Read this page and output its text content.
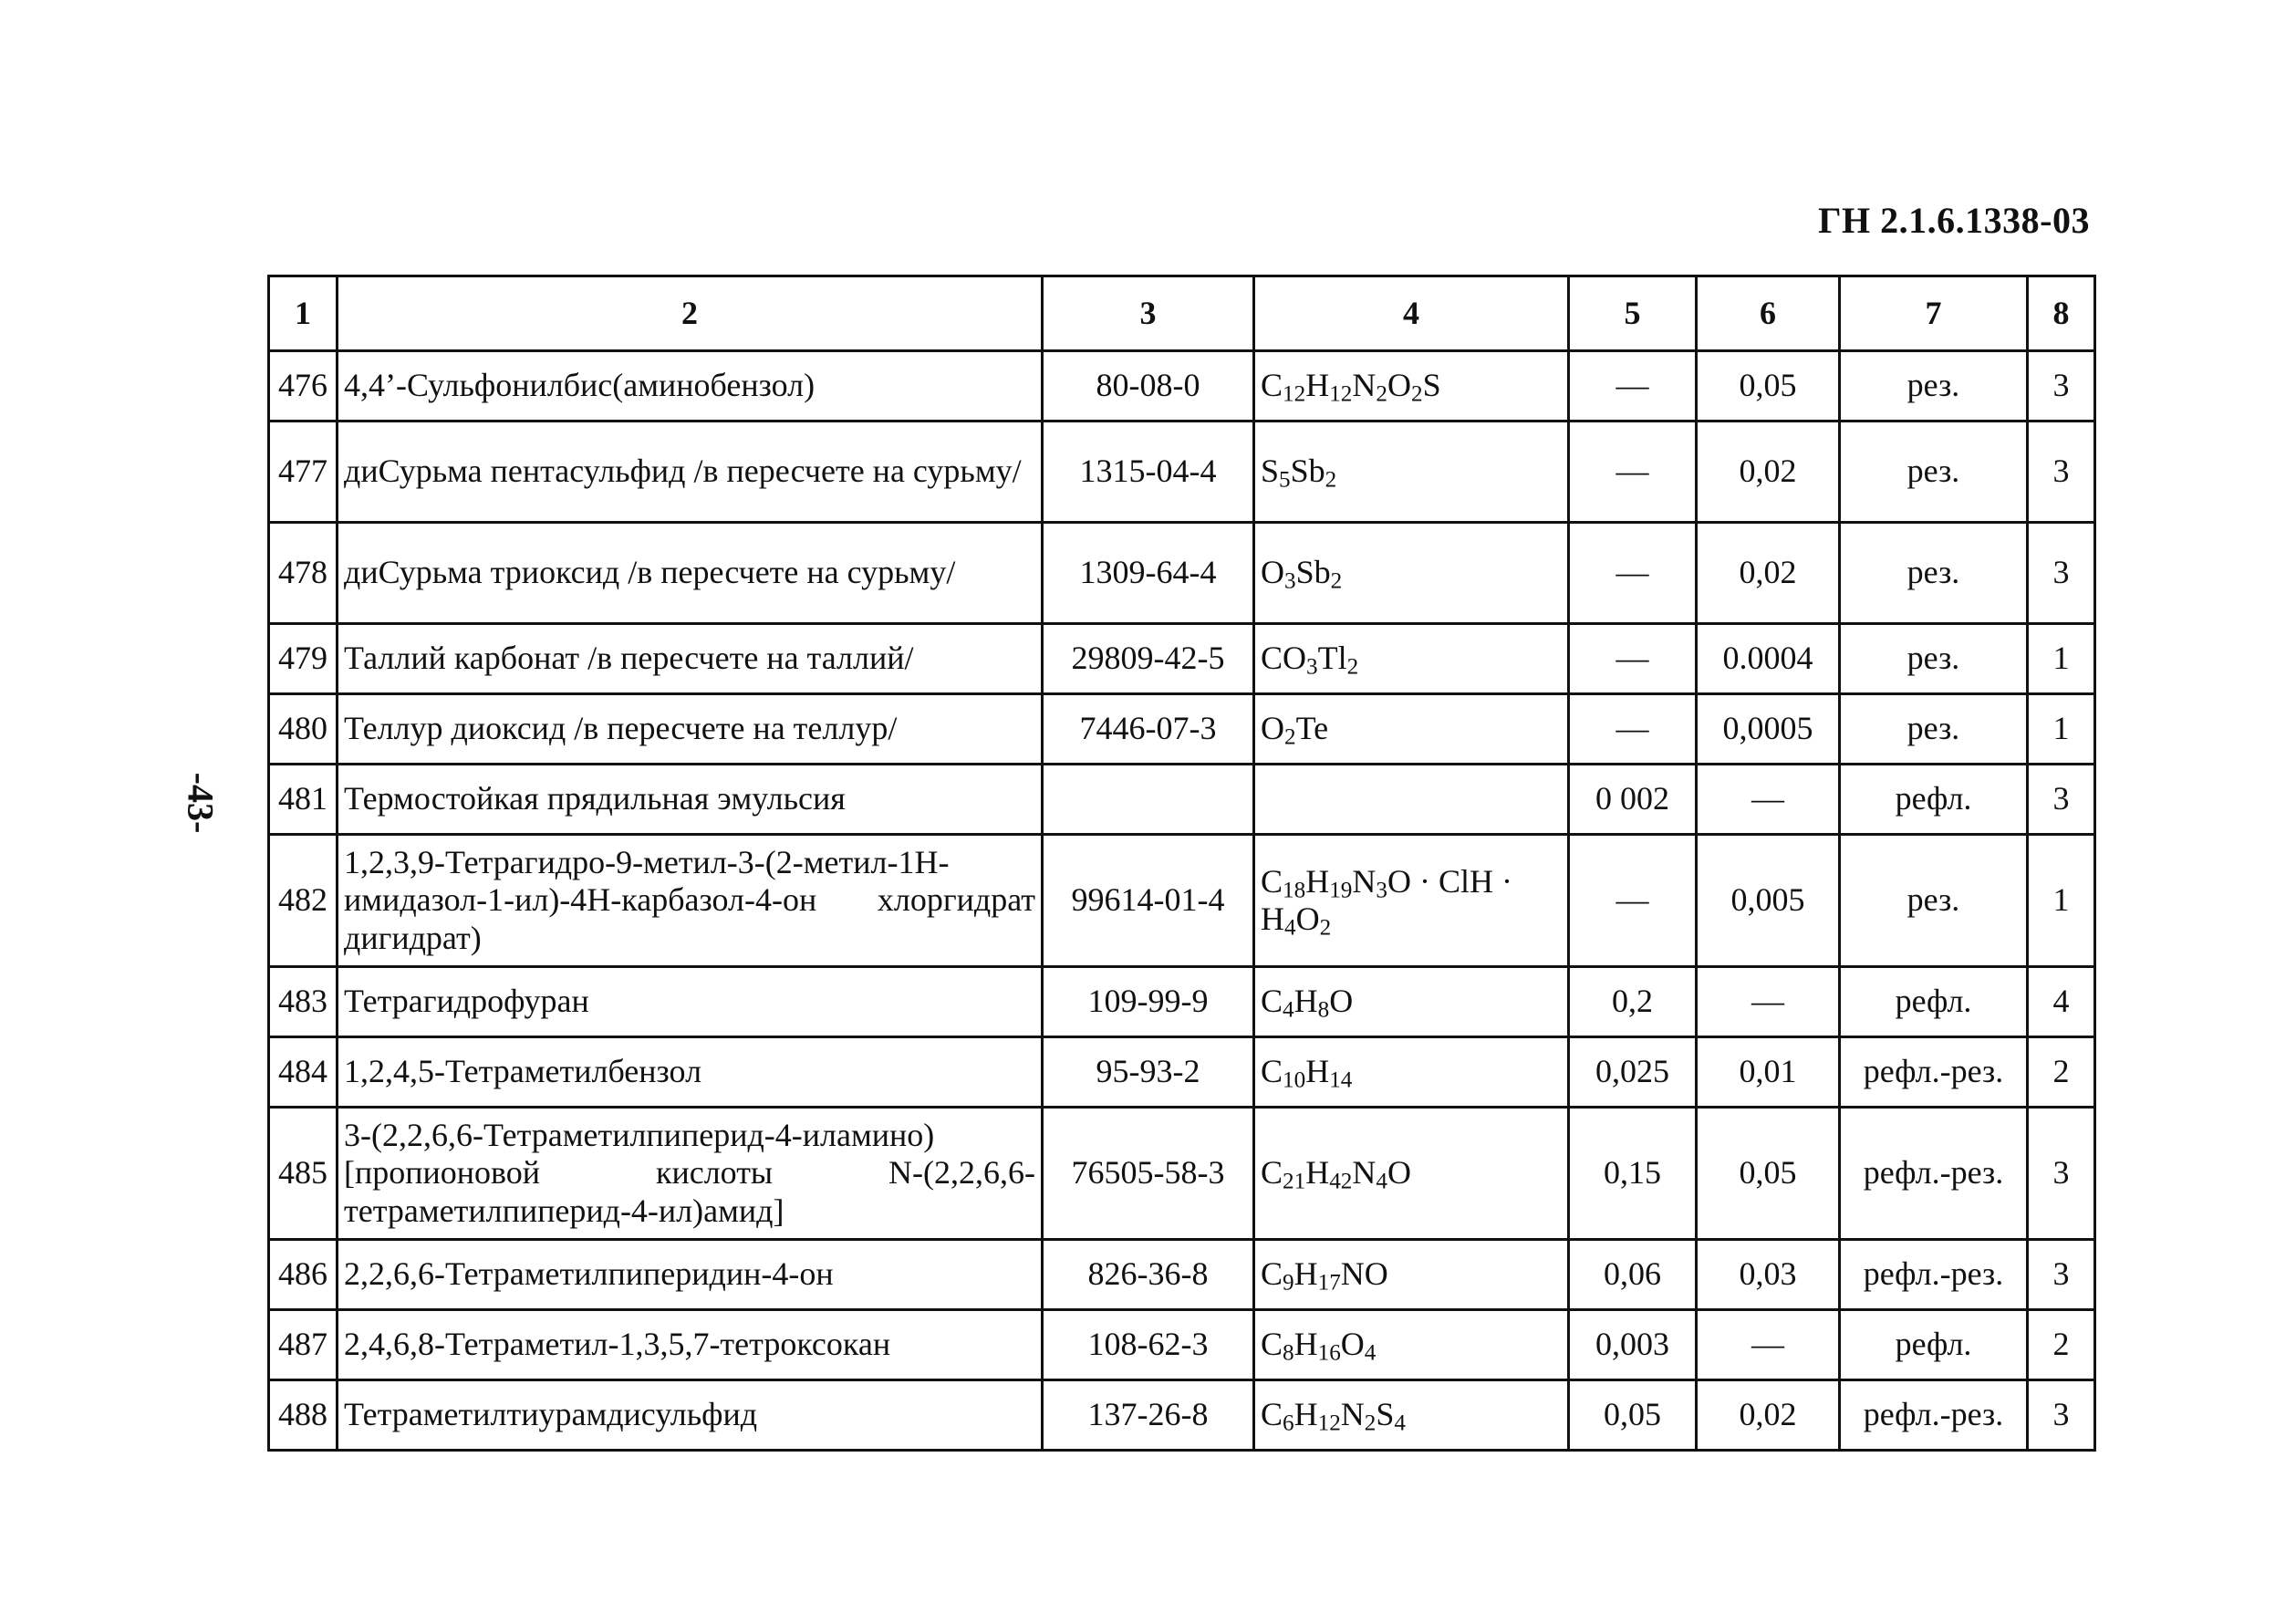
ГН 2.1.6.1338-03
-43-
1	2	3	4	5	6	7	8
476	4,4’-Сульфонилбис(аминобензол)	80-08-0	$C_{12}H_{12}N_2O_2S$	—	0,05	рез.	3
477	диСурьма пентасульфид /в пересчете на сурьму/	1315-04-4	$S_5Sb_2$	—	0,02	рез.	3
478	диСурьма триоксид /в пересчете на сурьму/	1309-64-4	$O_3Sb_2$	—	0,02	рез.	3
479	Таллий карбонат /в пересчете на таллий/	29809-42-5	$CO_3Tl_2$	—	0.0004	рез.	1
480	Теллур диоксид /в пересчете на теллур/	7446-07-3	$O_2Te$	—	0,0005	рез.	1
481	Термостойкая прядильная эмульсия			0 002	—	рефл.	3
482	1,2,3,9-Тетрагидро-9-метил-3-(2-метил-1Н-имидазол-1-ил)-4Н-карбазол-4-он хлоргидрат дигидрат)	99614-01-4	$C_{18}H_{19}N_3O$ · ClH · $H_4O_2$	—	0,005	рез.	1
483	Тетрагидрофуран	109-99-9	$C_4H_8O$	0,2	—	рефл.	4
484	1,2,4,5-Тетраметилбензол	95-93-2	$C_{10}H_{14}$	0,025	0,01	рефл.-рез.	2
485	3-(2,2,6,6-Тетраметилпиперид-4-иламино)[пропионовой кислоты N-(2,2,6,6-тетраметилпиперид-4-ил)амид]	76505-58-3	$C_{21}H_{42}N_4O$	0,15	0,05	рефл.-рез.	3
486	2,2,6,6-Тетраметилпиперидин-4-он	826-36-8	$C_9H_{17}NO$	0,06	0,03	рефл.-рез.	3
487	2,4,6,8-Тетраметил-1,3,5,7-тетроксокан	108-62-3	$C_8H_{16}O_4$	0,003	—	рефл.	2
488	Тетраметилтиурамдисульфид	137-26-8	$C_6H_{12}N_2S_4$	0,05	0,02	рефл.-рез.	3
